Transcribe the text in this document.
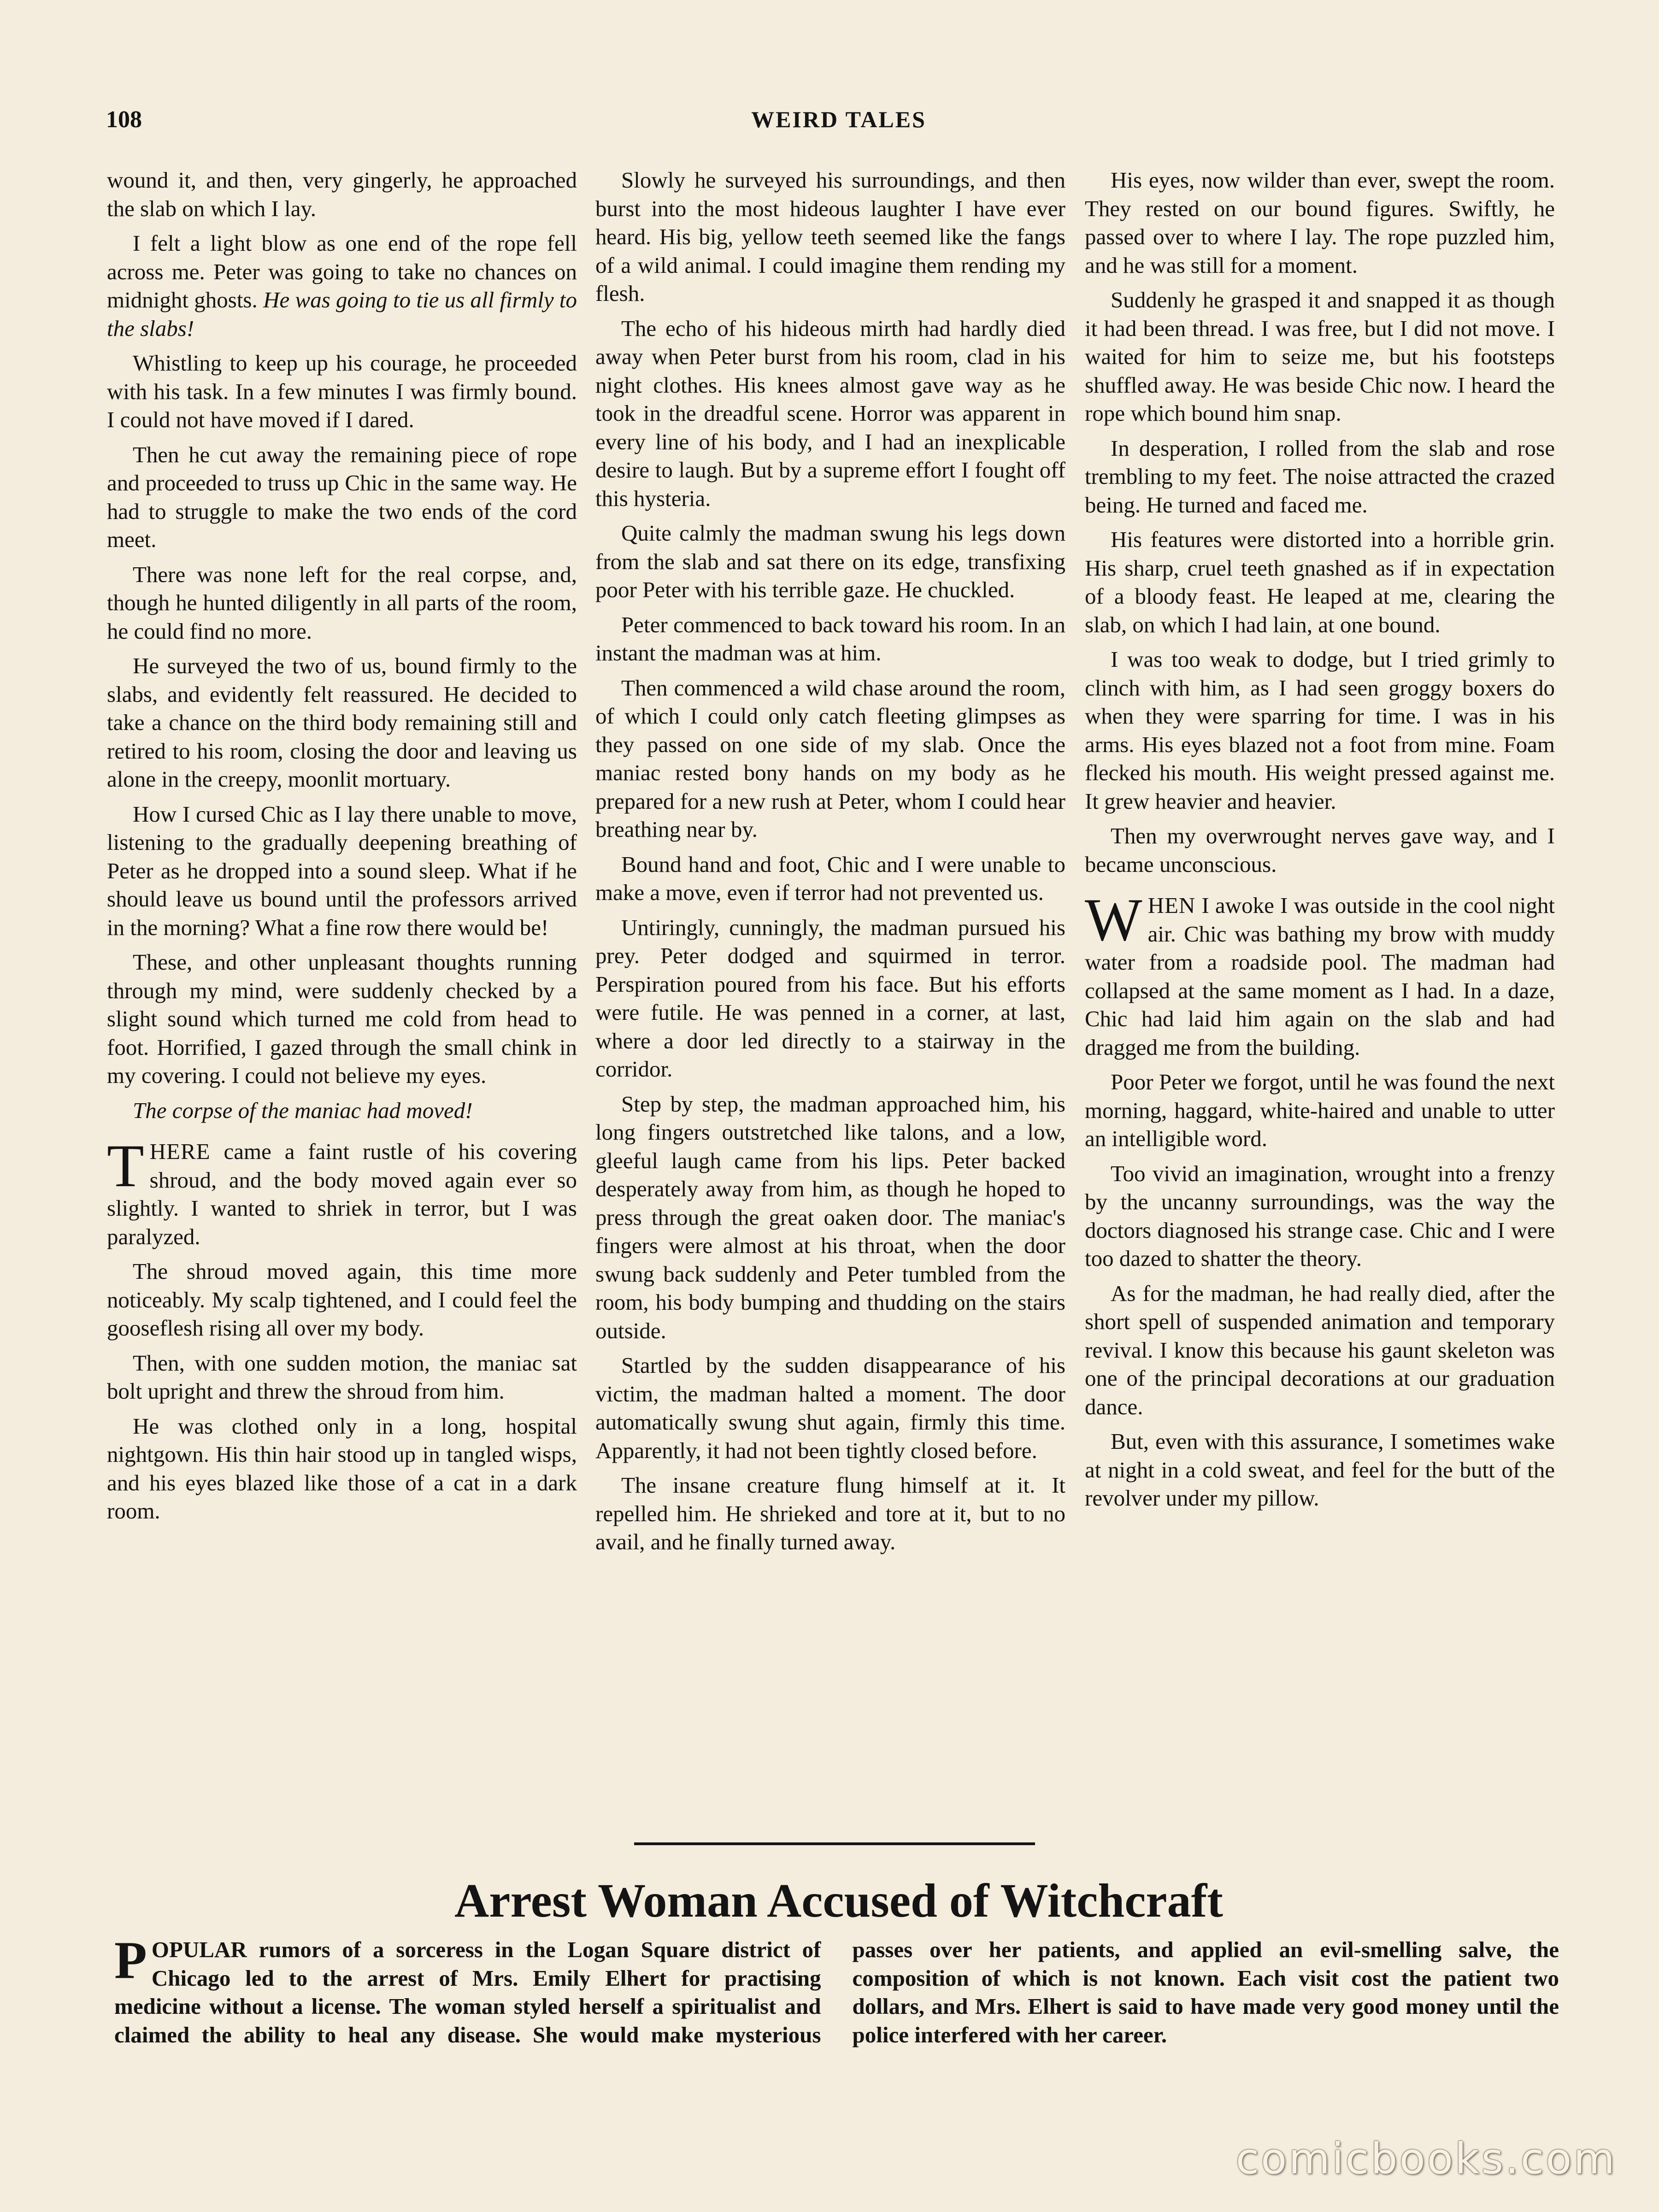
108	WEIRD TALES

wound it, and then, very gingerly, he approached the slab on which I lay.

I felt a light blow as one end of the rope fell across me. Peter was going to take no chances on midnight ghosts. He was going to tie us all firmly to the slabs!

Whistling to keep up his courage, he proceeded with his task. In a few minutes I was firmly bound. I could not have moved if I dared.

Then he cut away the remaining piece of rope and proceeded to truss up Chic in the same way. He had to struggle to make the two ends of the cord meet.

There was none left for the real corpse, and, though he hunted diligently in all parts of the room, he could find no more.

He surveyed the two of us, bound firmly to the slabs, and evidently felt reassured. He decided to take a chance on the third body remaining still and retired to his room, closing the door and leaving us alone in the creepy, moonlit mortuary.

How I cursed Chic as I lay there unable to move, listening to the gradually deepening breathing of Peter as he dropped into a sound sleep. What if he should leave us bound until the professors arrived in the morning? What a fine row there would be!

These, and other unpleasant thoughts running through my mind, were suddenly checked by a slight sound which turned me cold from head to foot. Horrified, I gazed through the small chink in my covering. I could not believe my eyes.

The corpse of the maniac had moved!

THERE came a faint rustle of his covering shroud, and the body moved again ever so slightly. I wanted to shriek in terror, but I was paralyzed.

The shroud moved again, this time more noticeably. My scalp tightened, and I could feel the gooseflesh rising all over my body.

Then, with one sudden motion, the maniac sat bolt upright and threw the shroud from him.

He was clothed only in a long, hospital nightgown. His thin hair stood up in tangled wisps, and his eyes blazed like those of a cat in a dark room.

Slowly he surveyed his surroundings, and then burst into the most hideous laughter I have ever heard. His big, yellow teeth seemed like the fangs of a wild animal. I could imagine them rending my flesh.

The echo of his hideous mirth had hardly died away when Peter burst from his room, clad in his night clothes. His knees almost gave way as he took in the dreadful scene. Horror was apparent in every line of his body, and I had an inexplicable desire to laugh. But by a supreme effort I fought off this hysteria.

Quite calmly the madman swung his legs down from the slab and sat there on its edge, transfixing poor Peter with his terrible gaze. He chuckled.

Peter commenced to back toward his room. In an instant the madman was at him.

Then commenced a wild chase around the room, of which I could only catch fleeting glimpses as they passed on one side of my slab. Once the maniac rested bony hands on my body as he prepared for a new rush at Peter, whom I could hear breathing near by.

Bound hand and foot, Chic and I were unable to make a move, even if terror had not prevented us.

Untiringly, cunningly, the madman pursued his prey. Peter dodged and squirmed in terror. Perspiration poured from his face. But his efforts were futile. He was penned in a corner, at last, where a door led directly to a stairway in the corridor.

Step by step, the madman approached him, his long fingers outstretched like talons, and a low, gleeful laugh came from his lips. Peter backed desperately away from him, as though he hoped to press through the great oaken door. The maniac's fingers were almost at his throat, when the door swung back suddenly and Peter tumbled from the room, his body bumping and thudding on the stairs outside.

Startled by the sudden disappearance of his victim, the madman halted a moment. The door automatically swung shut again, firmly this time. Apparently, it had not been tightly closed before.

The insane creature flung himself at it. It repelled him. He shrieked and tore at it, but to no avail, and he finally turned away.

His eyes, now wilder than ever, swept the room. They rested on our bound figures. Swiftly, he passed over to where I lay. The rope puzzled him, and he was still for a moment.

Suddenly he grasped it and snapped it as though it had been thread. I was free, but I did not move. I waited for him to seize me, but his footsteps shuffled away. He was beside Chic now. I heard the rope which bound him snap.

In desperation, I rolled from the slab and rose trembling to my feet. The noise attracted the crazed being. He turned and faced me.

His features were distorted into a horrible grin. His sharp, cruel teeth gnashed as if in expectation of a bloody feast. He leaped at me, clearing the slab, on which I had lain, at one bound.

I was too weak to dodge, but I tried grimly to clinch with him, as I had seen groggy boxers do when they were sparring for time. I was in his arms. His eyes blazed not a foot from mine. Foam flecked his mouth. His weight pressed against me. It grew heavier and heavier.

Then my overwrought nerves gave way, and I became unconscious.

WHEN I awoke I was outside in the cool night air. Chic was bathing my brow with muddy water from a roadside pool. The madman had collapsed at the same moment as I had. In a daze, Chic had laid him again on the slab and had dragged me from the building.

Poor Peter we forgot, until he was found the next morning, haggard, white-haired and unable to utter an intelligible word.

Too vivid an imagination, wrought into a frenzy by the uncanny surroundings, was the way the doctors diagnosed his strange case. Chic and I were too dazed to shatter the theory.

As for the madman, he had really died, after the short spell of suspended animation and temporary revival. I know this because his gaunt skeleton was one of the principal decorations at our graduation dance.

But, even with this assurance, I sometimes wake at night in a cold sweat, and feel for the butt of the revolver under my pillow.

Arrest Woman Accused of Witchcraft

POPULAR rumors of a sorceress in the Logan Square district of Chicago led to the arrest of Mrs. Emily Elhert for practising medicine without a license. The woman styled herself a spiritualist and claimed the ability to heal any disease. She would make mysterious passes over her patients, and applied an evil-smelling salve, the composition of which is not known. Each visit cost the patient two dollars, and Mrs. Elhert is said to have made very good money until the police interfered with her career.

comicbooks.com
